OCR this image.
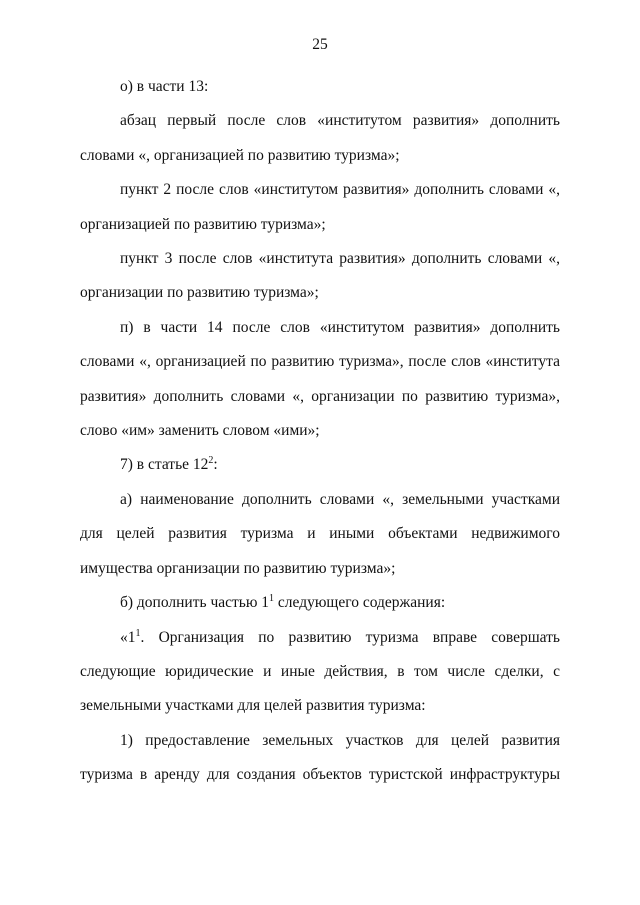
25

о) в части 13:

абзац первый после слов «институтом развития» дополнить словами «, организацией по развитию туризма»;

пункт 2 после слов «институтом развития» дополнить словами «, организацией по развитию туризма»;

пункт 3 после слов «института развития» дополнить словами «, организации по развитию туризма»;

п) в части 14 после слов «институтом развития» дополнить словами «, организацией по развитию туризма», после слов «института развития» дополнить словами «, организации по развитию туризма», слово «им» заменить словом «ими»;

7) в статье $12^2$:

а) наименование дополнить словами «, земельными участками для целей развития туризма и иными объектами недвижимого имущества организации по развитию туризма»;

б) дополнить частью $1^1$ следующего содержания:

«$1^1$. Организация по развитию туризма вправе совершать следующие юридические и иные действия, в том числе сделки, с земельными участками для целей развития туризма:

1) предоставление земельных участков для целей развития туризма в аренду для создания объектов туристской инфраструктуры
